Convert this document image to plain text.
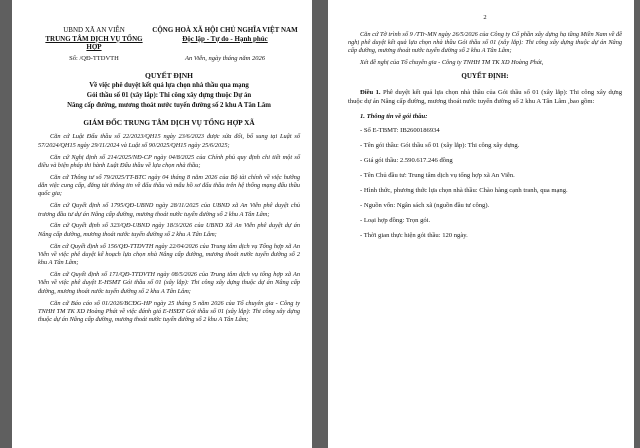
UBND XÃ AN VIỄN
TRUNG TÂM DỊCH VỤ TỔNG HỢP
CỘNG HOÀ XÃ HỘI CHỦ NGHĨA VIỆT NAM
Độc lập - Tự do - Hạnh phúc
Số: /QĐ-TTDVTH	An Viễn, ngày tháng năm 2026
QUYẾT ĐỊNH
Về việc phê duyệt kết quả lựa chọn nhà thầu qua mạng
Gói thầu số 01 (xây lắp): Thi công xây dựng thuộc Dự án
Nâng cấp đường, mương thoát nước tuyến đường số 2 khu A Tân Lâm
GIÁM ĐỐC TRUNG TÂM DỊCH VỤ TỔNG HỢP XÃ

Căn cứ Luật Đấu thầu số 22/2023/QH15 ngày 23/6/2023 được sửa đổi, bổ sung tại Luật số 57/2024/QH15 ngày 29/11/2024 và Luật số 90/2025/QH15 ngày 25/6/2025;

Căn cứ Nghị định số 214/2025/NĐ-CP ngày 04/8/2025 của Chính phủ quy định chi tiết một số điều và biện pháp thi hành Luật Đấu thầu về lựa chọn nhà thầu;

Căn cứ Thông tư số 79/2025/TT-BTC ngày 04 tháng 8 năm 2026 của Bộ tài chính về việc hướng dẫn việc cung cấp, đăng tải thông tin về đấu thầu và mẫu hồ sơ đấu thầu trên hệ thống mạng đấu thầu quốc gia;

Căn cứ Quyết định số 1795/QĐ-UBND ngày 28/11/2025 của UBND xã An Viễn phê duyệt chủ trương đầu tư dự án Nâng cấp đường, mương thoát nước tuyến đường số 2 khu A Tân Lâm;

Căn cứ Quyết định số 323/QĐ-UBND ngày 18/3/2026 của UBND Xã An Viễn phê duyệt dự án Nâng cấp đường, mương thoát nước tuyến đường số 2 khu A Tân Lâm;

Căn cứ Quyết định số 156/QĐ-TTDVTH ngày 22/04/2026 của Trung tâm dịch vụ Tổng hợp xã An Viễn về việc phê duyệt kế hoạch lựa chọn nhà Nâng cấp đường, mương thoát nước tuyến đường số 2 khu A Tân Lâm;

Căn cứ Quyết định số 171/QĐ-TTDVTH ngày 08/5/2026 của Trung tâm dịch vụ tổng hợp xã An Viễn về việc phê duyệt E-HSMT Gói thầu số 01 (xây lắp): Thi công xây dựng thuộc dự án Nâng cấp đường, mương thoát nước tuyến đường số 2 khu A Tân Lâm;

Căn cứ Báo cáo số 01/2026/BCĐG-HP ngày 25 tháng 5 năm 2026 của Tổ chuyên gia - Công ty TNHH TM TK XD Hoàng Phát về việc đánh giá E-HSĐT Gói thầu số 01 (xây lắp): Thi công xây dựng thuộc dự án Nâng cấp đường, mương thoát nước tuyến đường số 2 khu A Tân Lâm;

2

Căn cứ Tờ trình số 9 /TTr-MN ngày 26/5/2026 của Công ty Cổ phần xây dựng hạ tầng Miền Nam về đề nghị phê duyệt kết quả lựa chọn nhà thầu Gói thầu số 01 (xây lắp): Thi công xây dựng thuộc dự án Nâng cấp đường, mương thoát nước tuyến đường số 2 khu A Tân Lâm;

Xét đề nghị của Tổ chuyên gia - Công ty TNHH TM TK XD Hoàng Phát,

QUYẾT ĐỊNH:

Điều 1. Phê duyệt kết quả lựa chọn nhà thầu của Gói thầu số 01 (xây lắp): Thi công xây dựng thuộc dự án Nâng cấp đường, mương thoát nước tuyến đường số 2 khu A Tân Lâm ,bao gồm:

1. Thông tin về gói thầu:
- Số E-TBMT: IB2600186934
- Tên gói thầu: Gói thầu số 01 (xây lắp): Thi công xây dựng.
- Giá gói thầu: 2.590.617.246 đồng
- Tên Chủ đầu tư: Trung tâm dịch vụ tổng hợp xã An Viễn.
- Hình thức, phương thức lựa chọn nhà thầu: Chào hàng cạnh tranh, qua mạng.
- Nguồn vốn: Ngân sách xã (nguồn đầu tư công).
- Loại hợp đồng: Trọn gói.
- Thời gian thực hiện gói thầu: 120 ngày.
